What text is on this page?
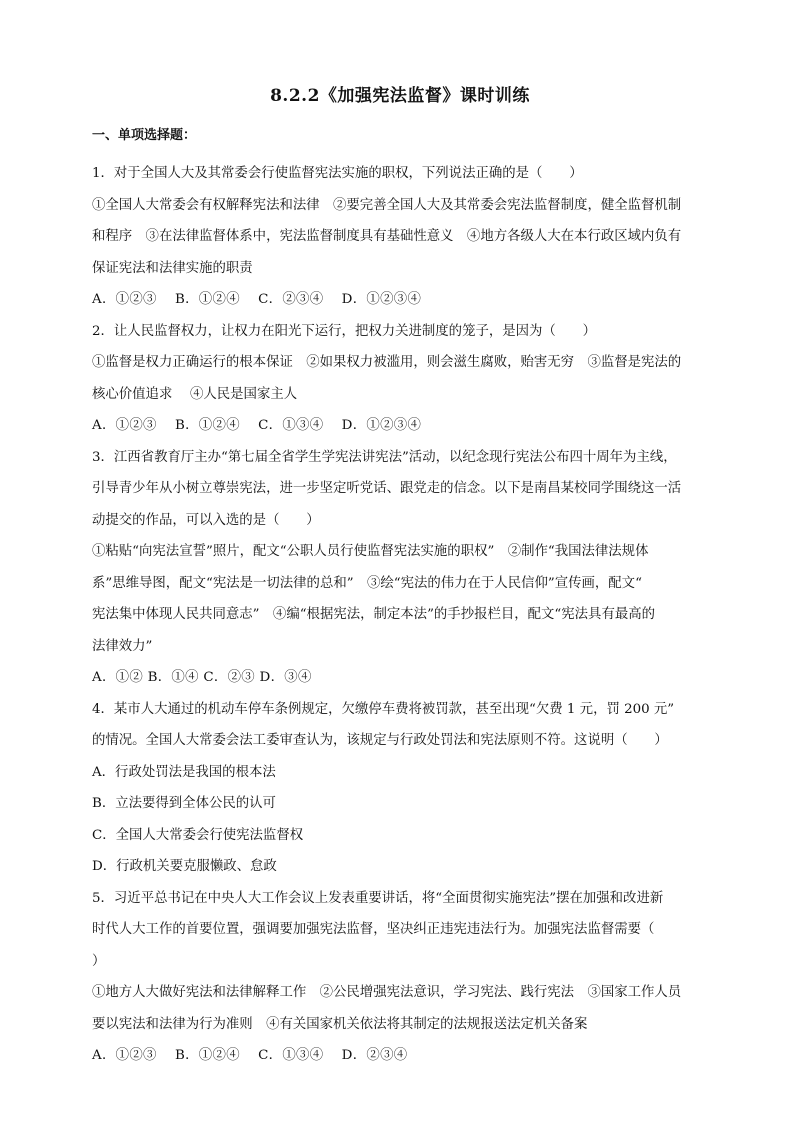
8.2.2《加强宪法监督》课时训练
一、单项选择题：

1．对于全国人大及其常委会行使监督宪法实施的职权，下列说法正确的是（　　）

①全国人大常委会有权解释宪法和法律　②要完善全国人大及其常委会宪法监督制度，健全监督机制

和程序　③在法律监督体系中，宪法监督制度具有基础性意义　④地方各级人大在本行政区域内负有

保证宪法和法律实施的职责

A．①②③　 B．①②④　 C．②③④　 D．①②③④

2．让人民监督权力，让权力在阳光下运行，把权力关进制度的笼子，是因为（　　）

①监督是权力正确运行的根本保证　②如果权力被滥用，则会滋生腐败，贻害无穷　③监督是宪法的

核心价值追求　 ④人民是国家主人

A．①②③　 B．①②④　 C．①③④　 D．①②③④

3．江西省教育厅主办“第七届全省学生学宪法讲宪法”活动，以纪念现行宪法公布四十周年为主线，

引导青少年从小树立尊崇宪法，进一步坚定听党话、跟党走的信念。以下是南昌某校同学围绕这一活

动提交的作品，可以入选的是（　　）

①粘贴“向宪法宣誓”照片，配文“公职人员行使监督宪法实施的职权”　②制作“我国法律法规体

系”思维导图，配文“宪法是一切法律的总和”　③绘“宪法的伟力在于人民信仰”宣传画，配文“

宪法集中体现人民共同意志”　④编“根据宪法，制定本法”的手抄报栏目，配文“宪法具有最高的

法律效力”

A．①② B．①④ C．②③ D．③④

4．某市人大通过的机动车停车条例规定，欠缴停车费将被罚款，甚至出现“欠费 1 元，罚 200 元”

的情况。全国人大常委会法工委审查认为，该规定与行政处罚法和宪法原则不符。这说明（　　）

A．行政处罚法是我国的根本法

B．立法要得到全体公民的认可

C．全国人大常委会行使宪法监督权

D．行政机关要克服懒政、怠政

5．习近平总书记在中央人大工作会议上发表重要讲话，将“全面贯彻实施宪法”摆在加强和改进新

时代人大工作的首要位置，强调要加强宪法监督，坚决纠正违宪违法行为。加强宪法监督需要（

）

①地方人大做好宪法和法律解释工作　②公民增强宪法意识，学习宪法、践行宪法　③国家工作人员

要以宪法和法律为行为准则　④有关国家机关依法将其制定的法规报送法定机关备案

A．①②③　 B．①②④　 C．①③④　 D．②③④
